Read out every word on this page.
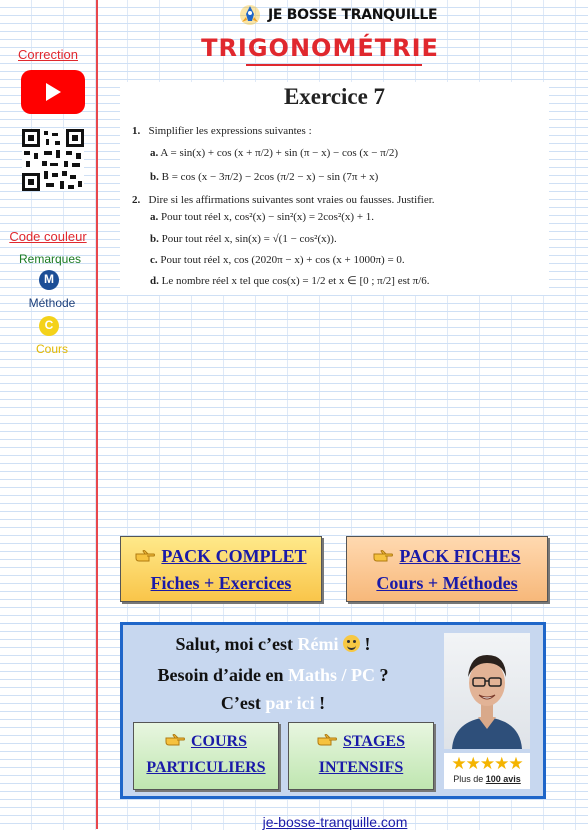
JE BOSSE TRANQUILLE
TRIGONOMÉTRIE
Correction
Code couleur
Remarques
M
Méthode
C
Cours
Exercice 7
1. Simplifier les expressions suivantes :
a. A = sin(x) + cos (x + π/2) + sin (π − x) − cos (x − π/2)
b. B = cos (x − 3π/2) − 2cos (π/2 − x) − sin (7π + x)
2. Dire si les affirmations suivantes sont vraies ou fausses. Justifier.
a. Pour tout réel x, cos²(x) − sin²(x) = 2cos²(x) + 1.
b. Pour tout réel x, sin(x) = √(1 − cos²(x)).
c. Pour tout réel x, cos (2020π − x) + cos (x + 1000π) = 0.
d. Le nombre réel x tel que cos(x) = 1/2 et x ∈ [0 ; π/2] est π/6.
PACK COMPLET
Fiches + Exercices
PACK FICHES
Cours + Méthodes
Salut, moi c’est Rémi  !
Besoin d’aide en Maths / PC ?
C’est par ici !
COURS
PARTICULIERS
STAGES
INTENSIFS	★★★★★
Plus de 100 avis
je-bosse-tranquille.com
